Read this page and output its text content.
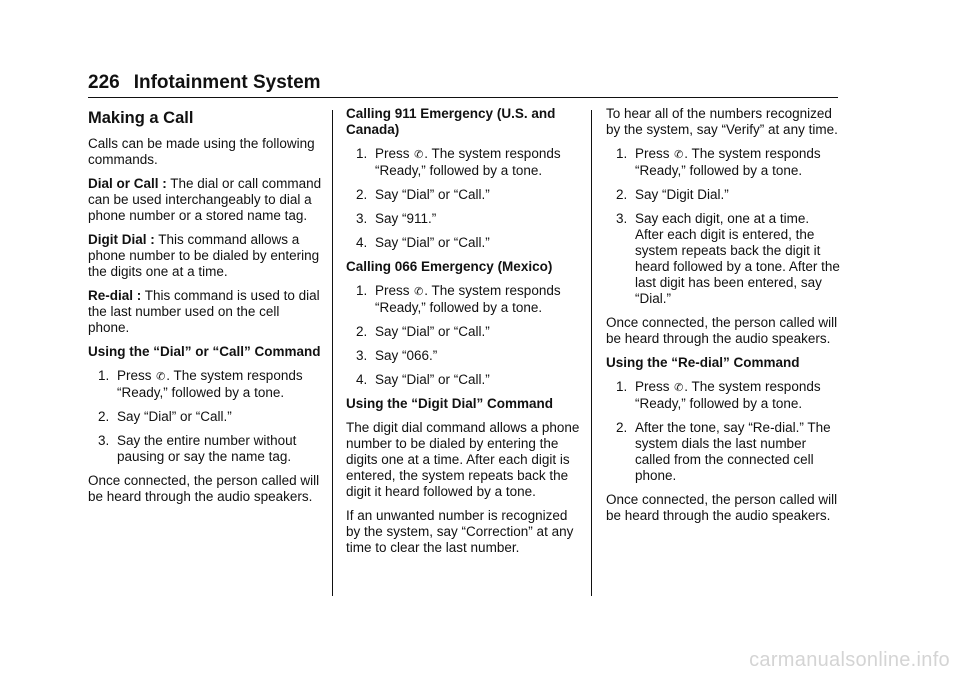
226 Infotainment System
Making a Call

Calls can be made using the following commands.

Dial or Call : The dial or call command can be used interchangeably to dial a phone number or a stored name tag.

Digit Dial : This command allows a phone number to be dialed by entering the digits one at a time.

Re-dial : This command is used to dial the last number used on the cell phone.

Using the “Dial” or “Call” Command
1. Press ✆. The system responds “Ready,” followed by a tone.
2. Say “Dial” or “Call.”
3. Say the entire number without pausing or say the name tag.

Once connected, the person called will be heard through the audio speakers.

Calling 911 Emergency (U.S. and Canada)
1. Press ✆. The system responds “Ready,” followed by a tone.
2. Say “Dial” or “Call.”
3. Say “911.”
4. Say “Dial” or “Call.”
Calling 066 Emergency (Mexico)
1. Press ✆. The system responds “Ready,” followed by a tone.
2. Say “Dial” or “Call.”
3. Say “066.”
4. Say “Dial” or “Call.”
Using the “Digit Dial” Command

The digit dial command allows a phone number to be dialed by entering the digits one at a time. After each digit is entered, the system repeats back the digit it heard followed by a tone.

If an unwanted number is recognized by the system, say “Correction” at any time to clear the last number.

To hear all of the numbers recognized by the system, say “Verify” at any time.

1. Press ✆. The system responds “Ready,” followed by a tone.
2. Say “Digit Dial.”
3. Say each digit, one at a time. After each digit is entered, the system repeats back the digit it heard followed by a tone. After the last digit has been entered, say “Dial.”

Once connected, the person called will be heard through the audio speakers.

Using the “Re-dial” Command
1. Press ✆. The system responds “Ready,” followed by a tone.
2. After the tone, say “Re-dial.” The system dials the last number called from the connected cell phone.

Once connected, the person called will be heard through the audio speakers.

carmanualsonline.info
